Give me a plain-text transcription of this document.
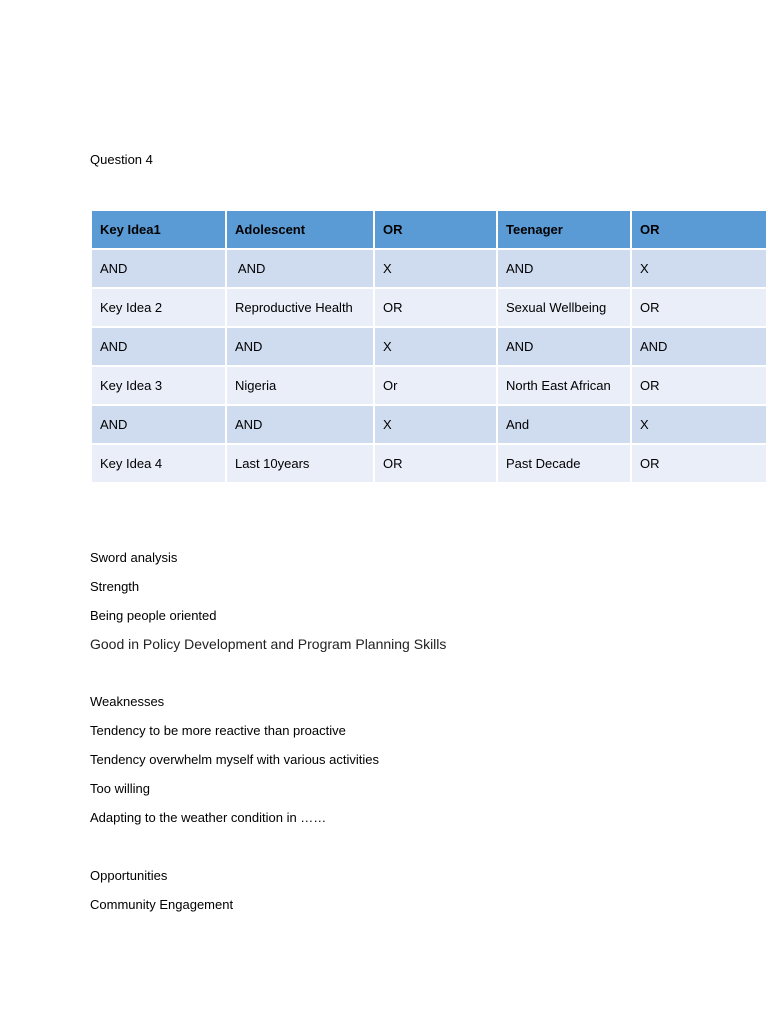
Question 4

Key Idea1	Adolescent	OR	Teenager	OR	
AND	AND	X	AND	X	
Key Idea 2	Reproductive Health	OR	Sexual Wellbeing	OR	
AND	AND	X	AND	AND	
Key Idea 3	Nigeria	Or	North East African	OR	
AND	AND	X	And	X	
Key Idea 4	Last 10years	OR	Past Decade	OR	

Sword analysis

Strength

Being people oriented

Good in Policy Development and Program Planning Skills

Weaknesses

Tendency to be more reactive than proactive

Tendency overwhelm myself with various activities

Too willing

Adapting to the weather condition in ……

Opportunities

Community Engagement
